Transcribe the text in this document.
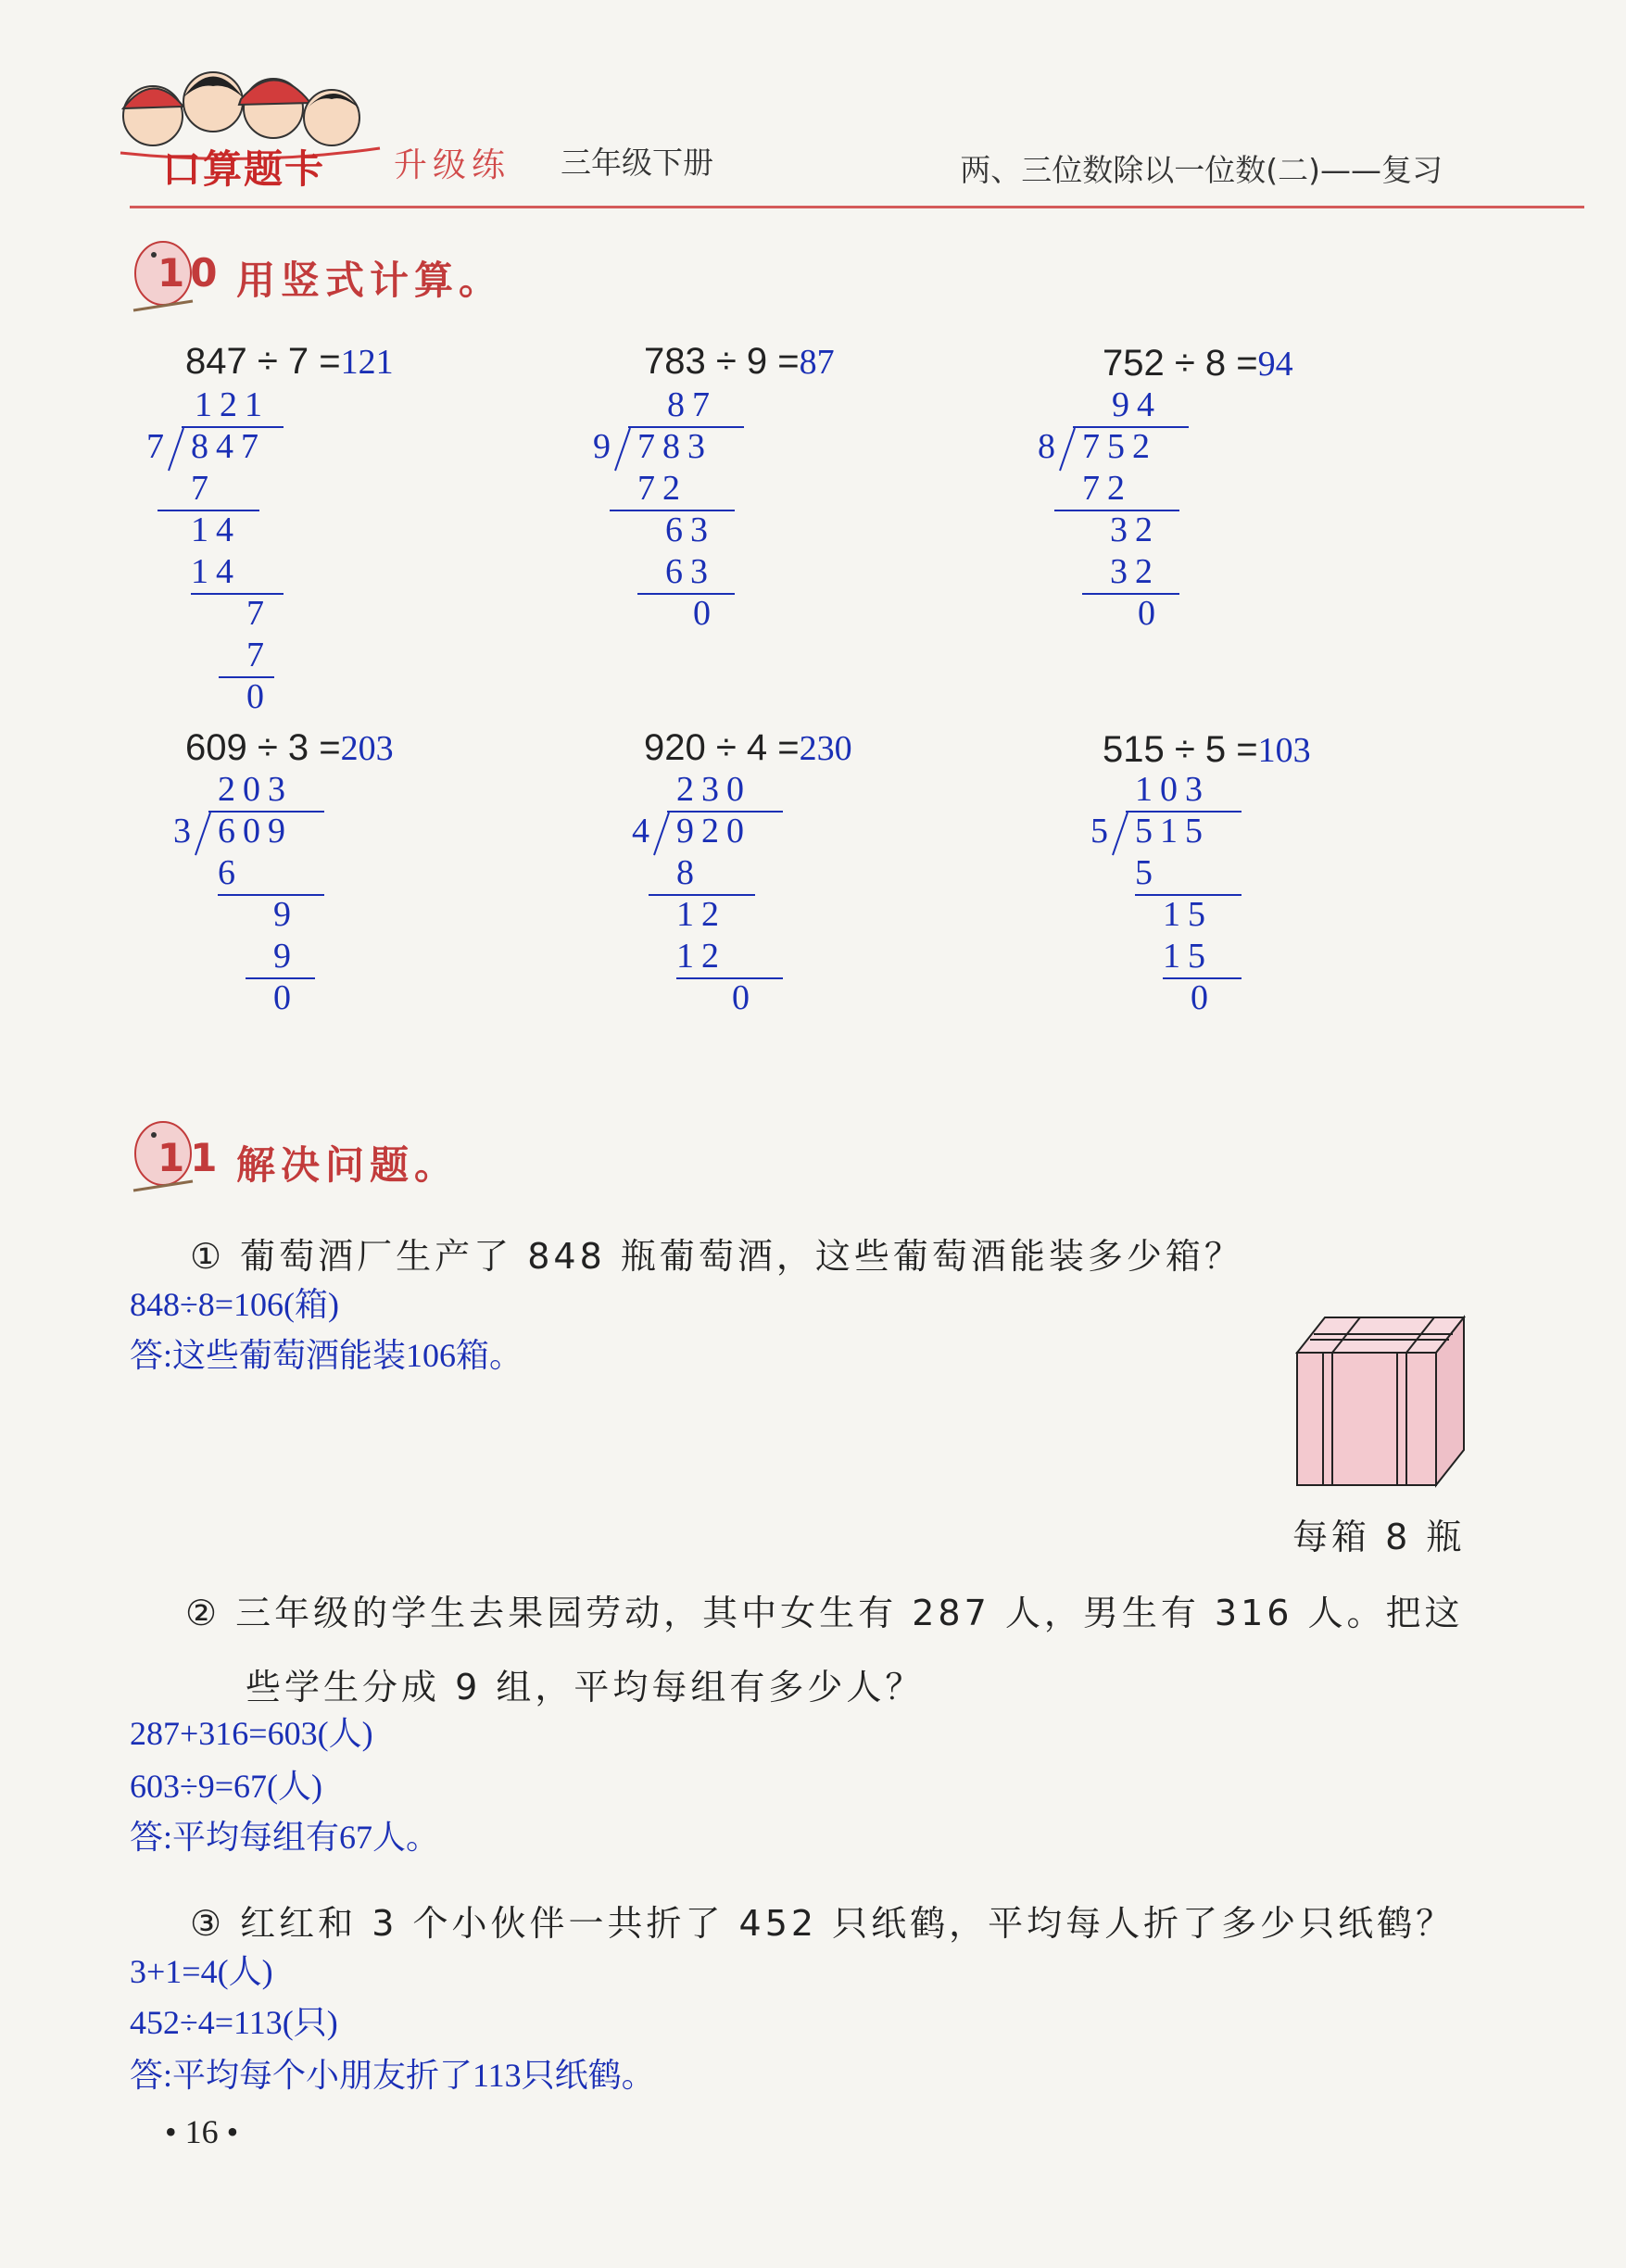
口算题卡 升级练 三年级下册	两、三位数除以一位数(二)——复习
10 用竖式计算。
847 ÷ 7 =121	783 ÷ 9 =87	752 ÷ 8 =94
121
7 847
7
14
14
7
7
0
87
9 783
72
63
63
0
94
8 752
72
32
32
0
609 ÷ 3 =203	920 ÷ 4 =230	515 ÷ 5 =103
203
3 609
6
9
9
0
230
4 920
8
12
12
0
103
5 515
5
15
15
0
11 解决问题。
① 葡萄酒厂生产了 848 瓶葡萄酒，这些葡萄酒能装多少箱？
848÷8=106(箱)
答:这些葡萄酒能装106箱。
每箱 8 瓶
② 三年级的学生去果园劳动，其中女生有 287 人，男生有 316 人。把这
些学生分成 9 组，平均每组有多少人？
287+316=603(人)
603÷9=67(人)
答:平均每组有67人。
③ 红红和 3 个小伙伴一共折了 452 只纸鹤，平均每人折了多少只纸鹤？
3+1=4(人)
452÷4=113(只)
答:平均每个小朋友折了113只纸鹤。
• 16 •
